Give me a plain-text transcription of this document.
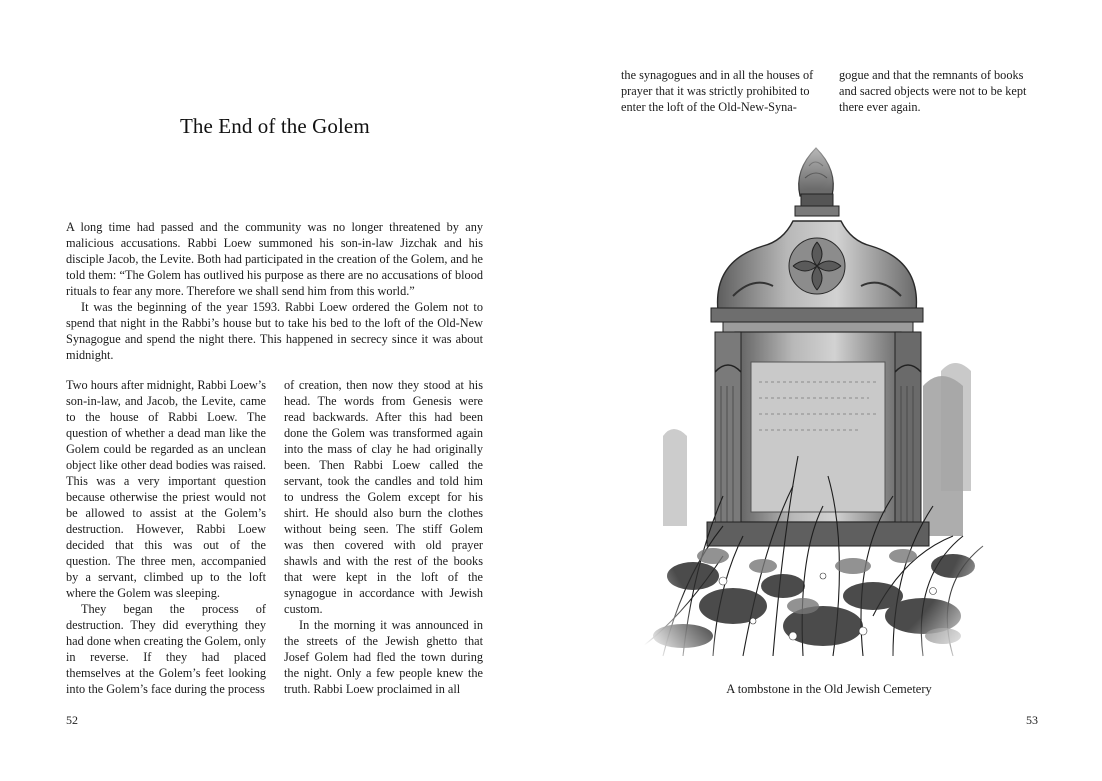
The End of the Golem

A long time had passed and the community was no longer threatened by any malicious accusations. Rabbi Loew summoned his son-in-law Jizchak and his disciple Jacob, the Levite. Both had participated in the creation of the Golem, and he told them: “The Golem has outlived his purpose as there are no accusations of blood rituals to fear any more. Therefore we shall send him from this world.”

It was the beginning of the year 1593. Rabbi Loew ordered the Golem not to spend that night in the Rabbi’s house but to take his bed to the loft of the Old-New Synagogue and spend the night there. This happened in secrecy since it was about midnight.

Two hours after midnight, Rabbi Loew’s son-in-law, and Jacob, the Levite, came to the house of Rabbi Loew. The question of whether a dead man like the Golem could be regarded as an unclean object like other dead bodies was raised. This was a very important question because otherwise the priest would not be allowed to assist at the Golem’s destruction. However, Rabbi Loew decided that this was out of the question. The three men, accompanied by a servant, climbed up to the loft where the Golem was sleeping.

They began the process of destruction. They did everything they had done when creating the Golem, only in reverse. If they had placed themselves at the Golem’s feet looking into the Golem’s face during the process

of creation, then now they stood at his head. The words from Genesis were read backwards. After this had been done the Golem was transformed again into the mass of clay he had originally been. Then Rabbi Loew called the servant, took the candles and told him to undress the Golem except for his shirt. He should also burn the clothes without being seen. The stiff Golem was then covered with old prayer shawls and with the rest of the books that were kept in the loft of the synagogue in accordance with Jewish custom.

In the morning it was announced in the streets of the Jewish ghetto that Josef Golem had fled the town during the night. Only a few people knew the truth. Rabbi Loew proclaimed in all

52

the synagogues and in all the houses of

prayer that it was strictly prohibited to

enter the loft of the Old-New-Syna-

gogue and that the remnants of books

and sacred objects were not to be kept

there ever again.

A tombstone in the Old Jewish Cemetery
53
